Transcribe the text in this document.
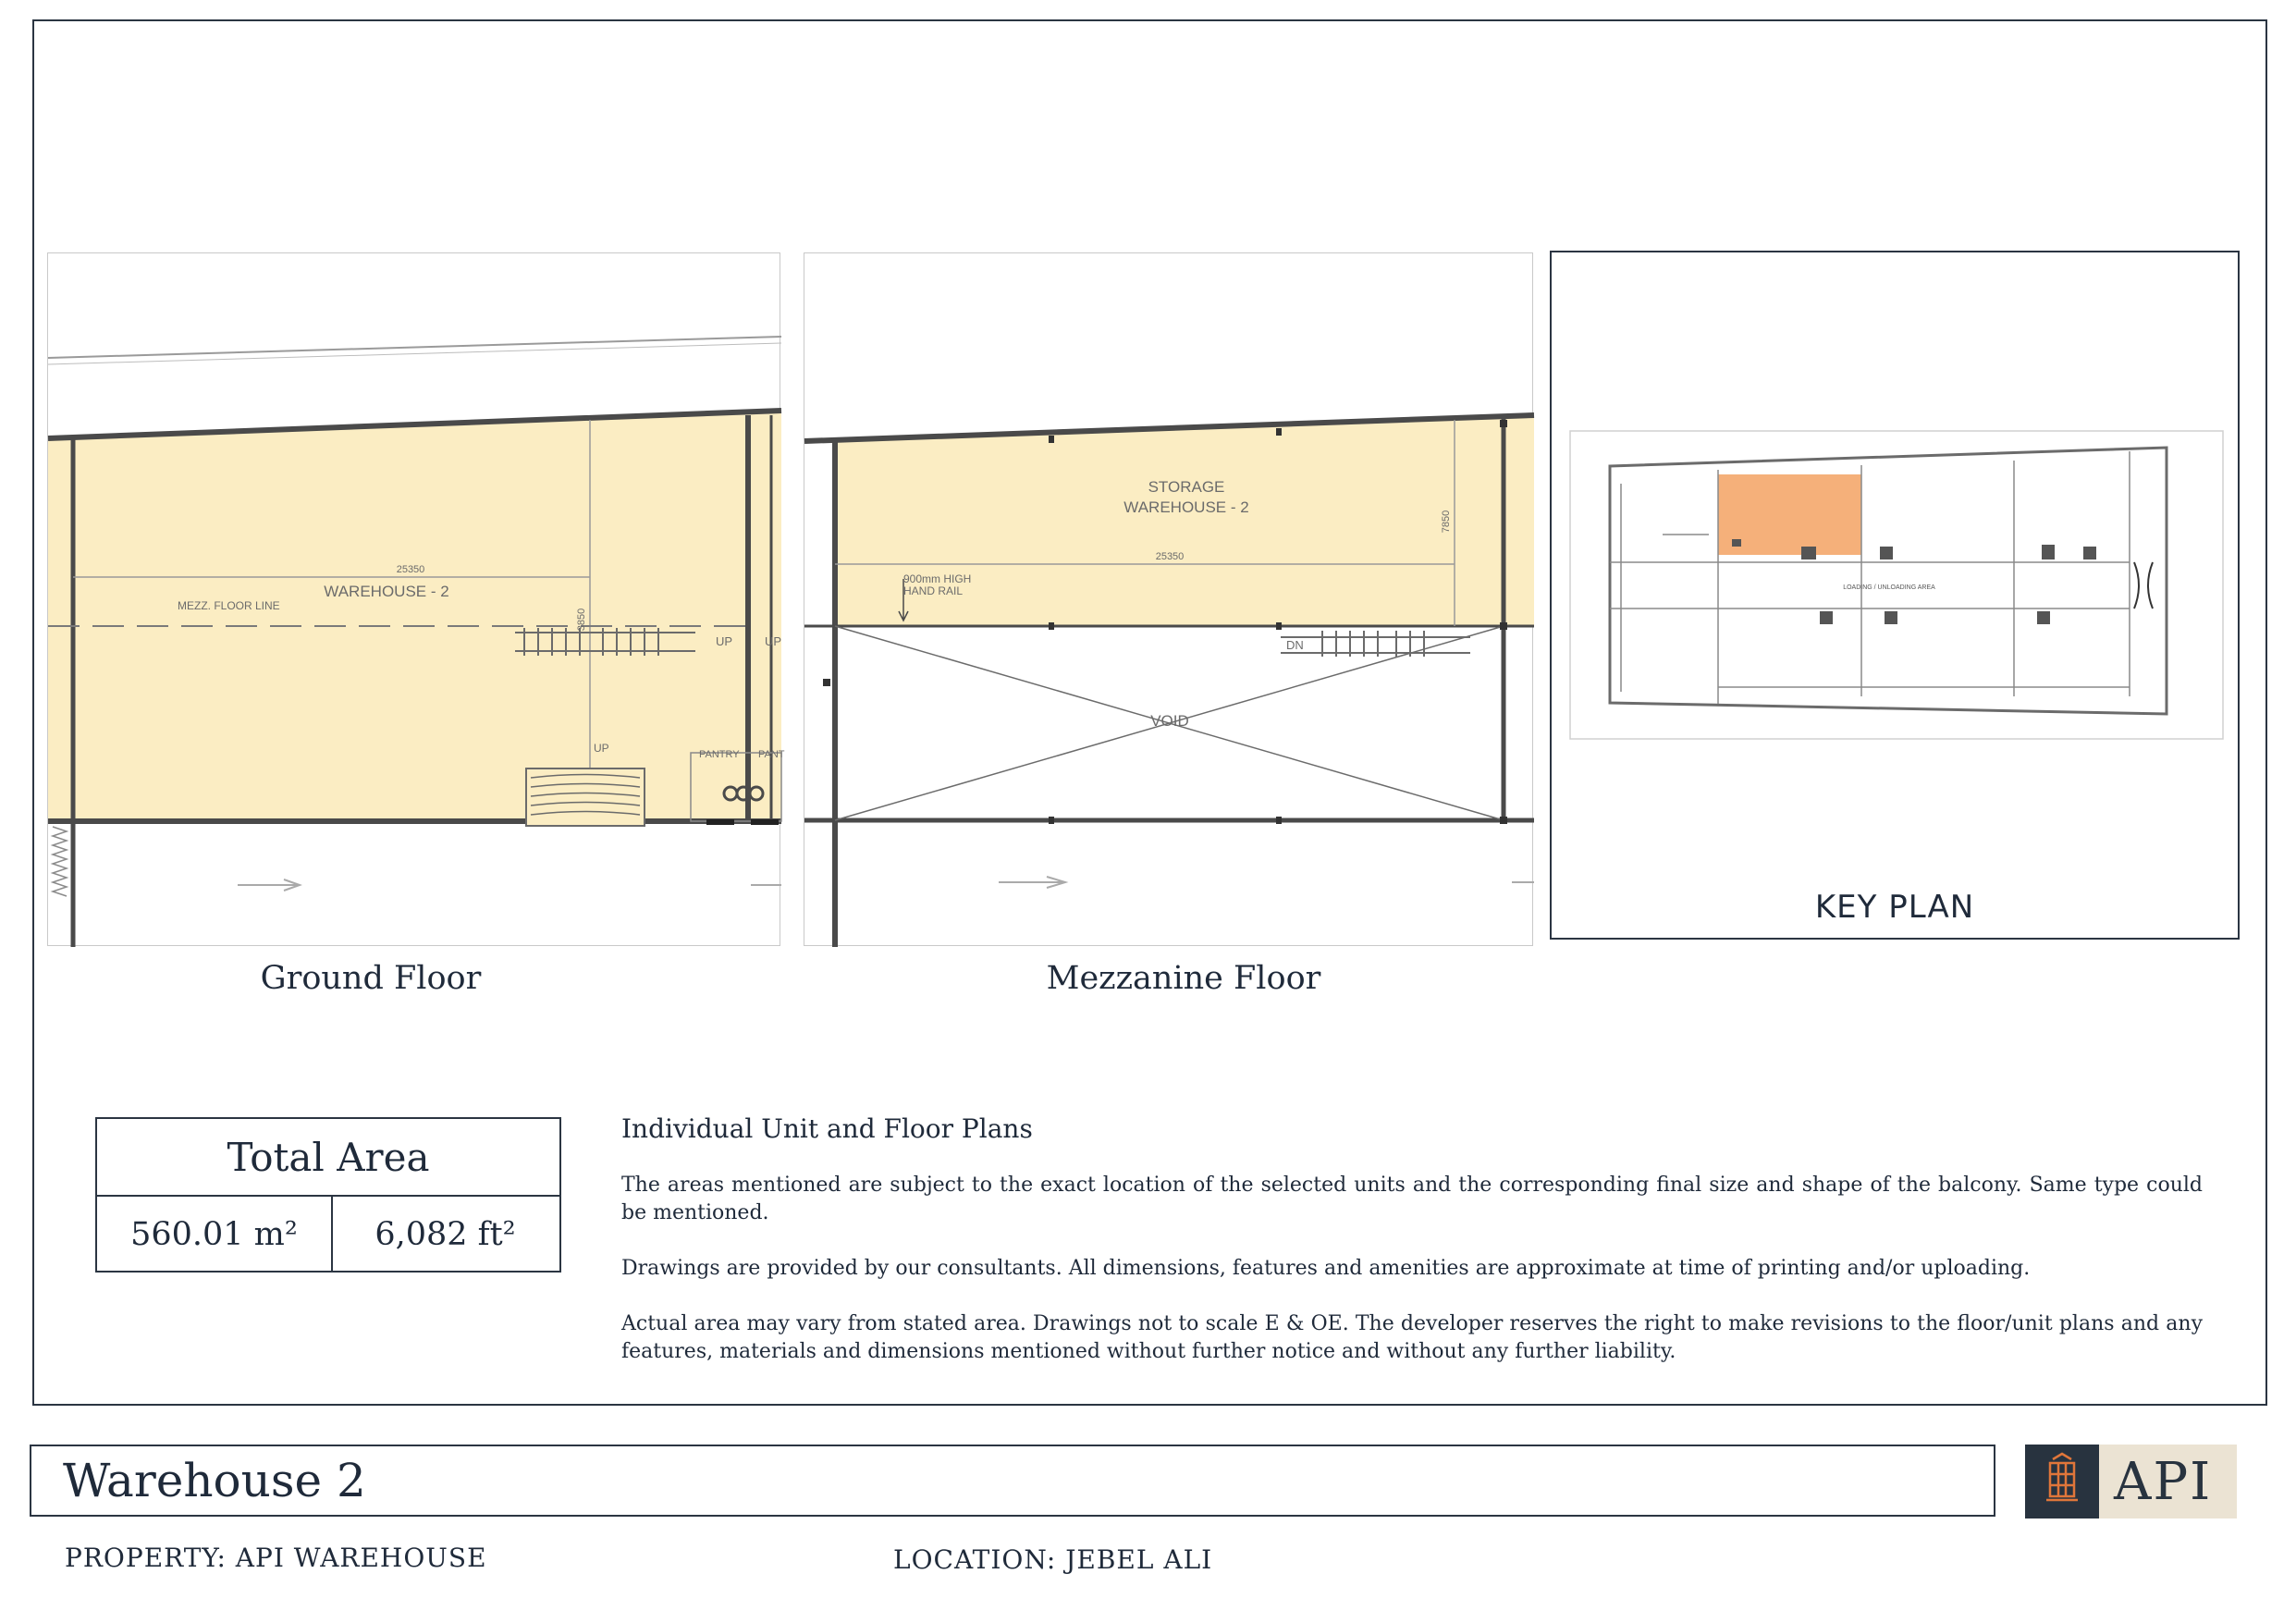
WAREHOUSE - 2
25350
3850
MEZZ. FLOOR LINE
UP	UP
UP	PANTRY PANT
STORAGE
WAREHOUSE - 2
25350
7850
900mm HIGH
HAND RAIL
VOID
DN
Ground Floor	Mezzanine Floor
LOADING / UNLOADING AREA
KEY PLAN
Total Area
560.01 m²	6,082 ft²
Individual Unit and Floor Plans

The areas mentioned are subject to the exact location of the selected units and the corresponding final size and shape of the balcony. Same type could be mentioned.

Drawings are provided by our consultants. All dimensions, features and amenities are approximate at time of printing and/or uploading.

Actual area may vary from stated area. Drawings not to scale E & OE. The developer reserves the right to make revisions to the floor/unit plans and any features, materials and dimensions mentioned without further notice and without any further liability.

Warehouse 2	API
PROPERTY: API WAREHOUSE	LOCATION: JEBEL ALI
